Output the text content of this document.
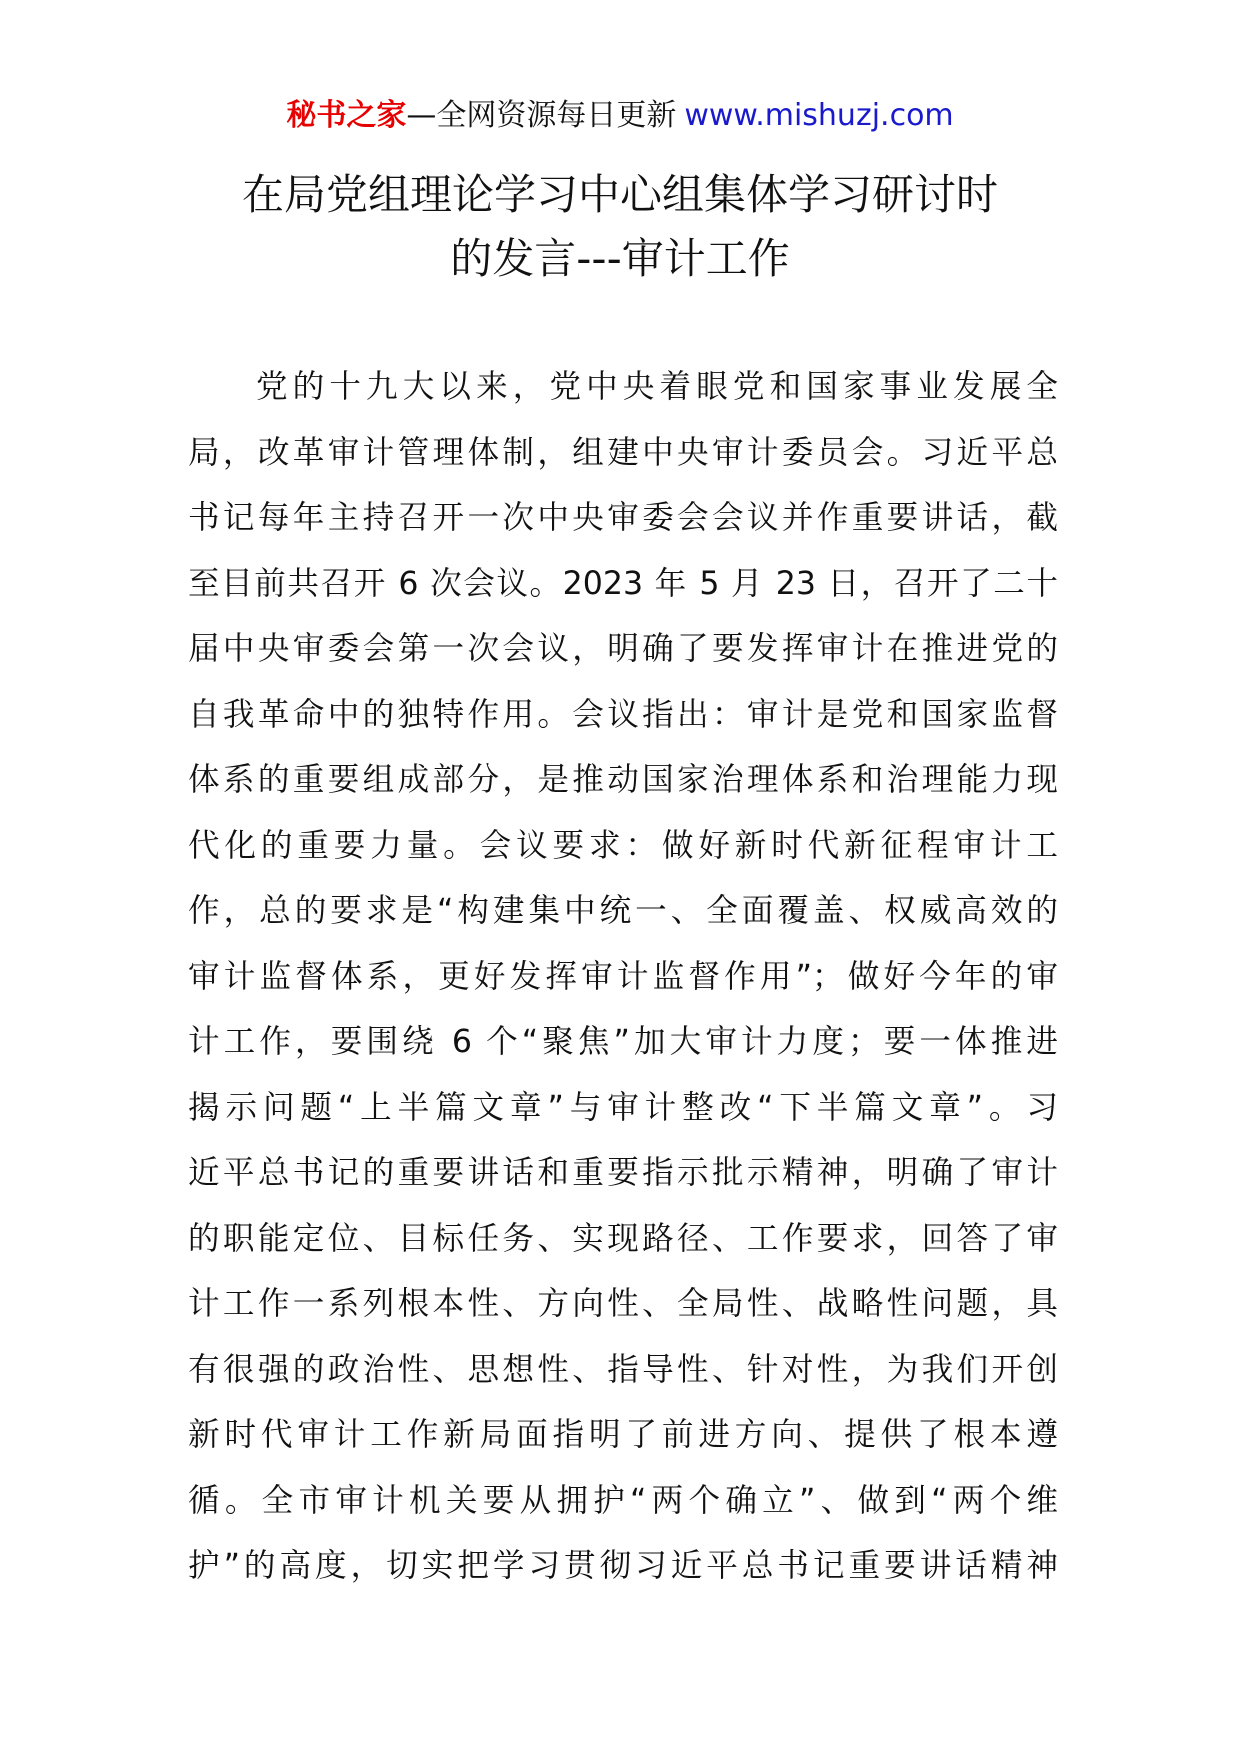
秘书之家—全网资源每日更新 www.mishuzj.com
在局党组理论学习中心组集体学习研讨时
的发言---审计工作
党的十九大以来，党中央着眼党和国家事业发展全
局，改革审计管理体制，组建中央审计委员会。习近平总
书记每年主持召开一次中央审委会会议并作重要讲话，截
至目前共召开 6 次会议。2023 年 5 月 23 日，召开了二十
届中央审委会第一次会议，明确了要发挥审计在推进党的
自我革命中的独特作用。会议指出：审计是党和国家监督
体系的重要组成部分，是推动国家治理体系和治理能力现
代化的重要力量。会议要求：做好新时代新征程审计工
作，总的要求是“构建集中统一、全面覆盖、权威高效的
审计监督体系，更好发挥审计监督作用”；做好今年的审
计工作，要围绕 6 个“聚焦”加大审计力度；要一体推进
揭示问题“上半篇文章”与审计整改“下半篇文章”。习
近平总书记的重要讲话和重要指示批示精神，明确了审计
的职能定位、目标任务、实现路径、工作要求，回答了审
计工作一系列根本性、方向性、全局性、战略性问题，具
有很强的政治性、思想性、指导性、针对性，为我们开创
新时代审计工作新局面指明了前进方向、提供了根本遵
循。全市审计机关要从拥护“两个确立”、做到“两个维
护”的高度，切实把学习贯彻习近平总书记重要讲话精神
